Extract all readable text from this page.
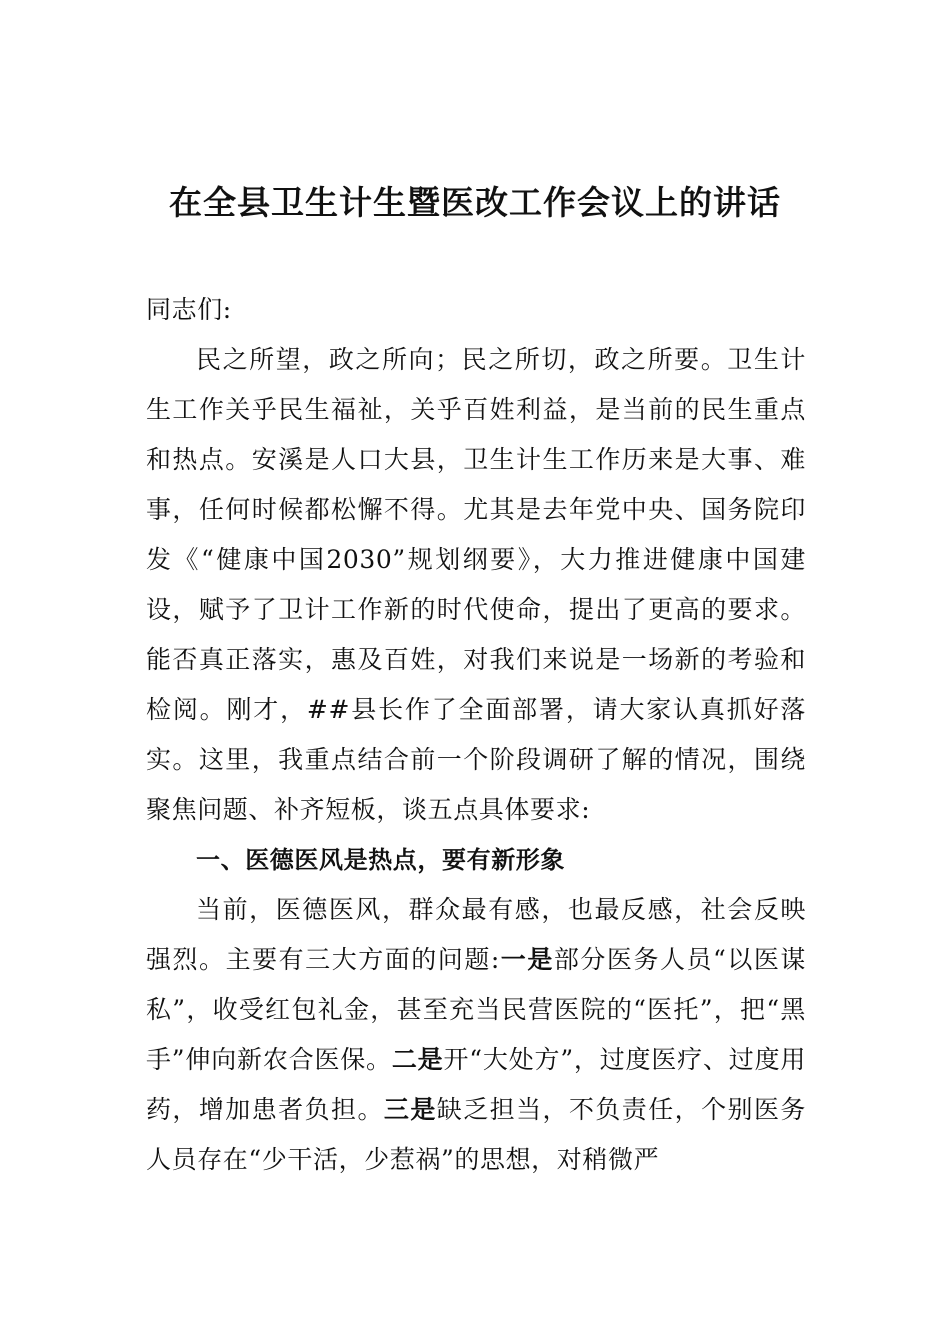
在全县卫生计生暨医改工作会议上的讲话

同志们:

民之所望，政之所向；民之所切，政之所要。卫生计生工作关乎民生福祉，关乎百姓利益，是当前的民生重点和热点。安溪是人口大县，卫生计生工作历来是大事、难事，任何时候都松懈不得。尤其是去年党中央、国务院印发《“健康中国2030”规划纲要》，大力推进健康中国建设，赋予了卫计工作新的时代使命，提出了更高的要求。能否真正落实，惠及百姓，对我们来说是一场新的考验和检阅。刚才，##县长作了全面部署，请大家认真抓好落实。这里，我重点结合前一个阶段调研了解的情况，围绕聚焦问题、补齐短板，谈五点具体要求:

一、医德医风是热点，要有新形象

当前，医德医风，群众最有感，也最反感，社会反映强烈。主要有三大方面的问题:一是部分医务人员“以医谋私”，收受红包礼金，甚至充当民营医院的“医托”，把“黑手”伸向新农合医保。二是开“大处方”，过度医疗、过度用药，增加患者负担。三是缺乏担当，不负责任，个别医务人员存在“少干活，少惹祸”的思想，对稍微严
